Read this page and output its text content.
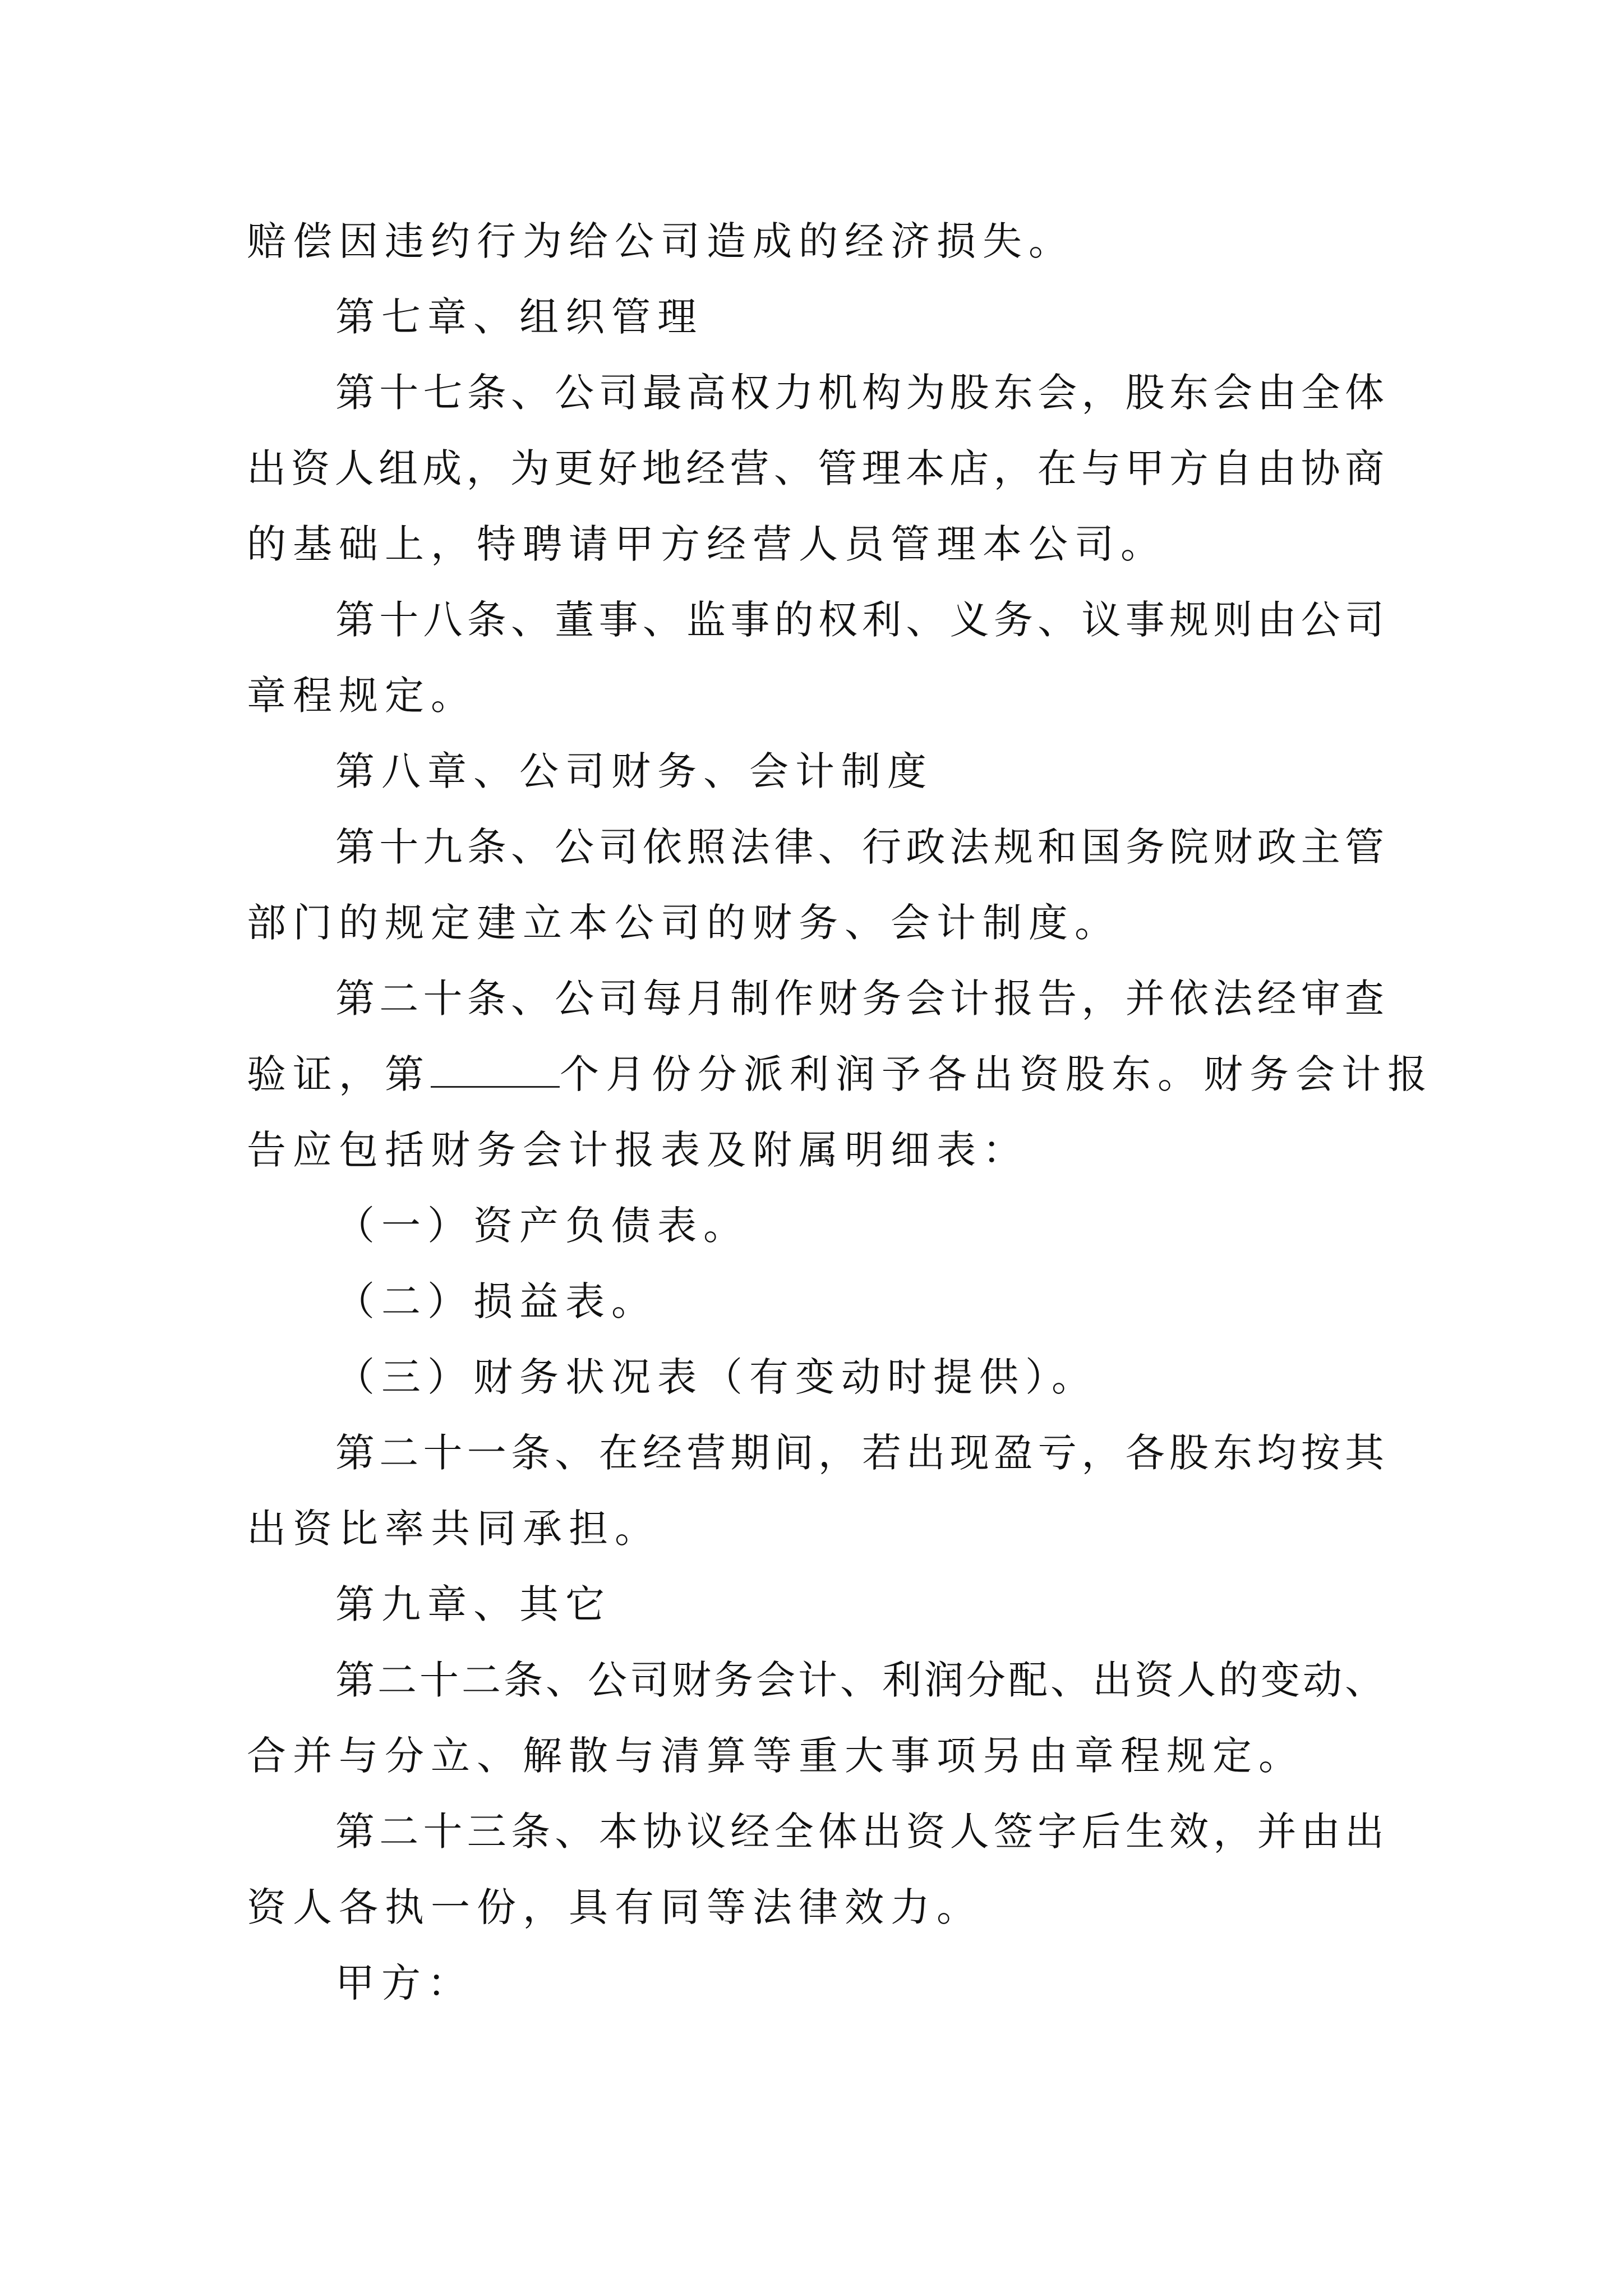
赔偿因违约行为给公司造成的经济损失。
第七章、组织管理
第十七条、公司最高权力机构为股东会，股东会由全体
出资人组成，为更好地经营、管理本店，在与甲方自由协商
的基础上，特聘请甲方经营人员管理本公司。
第十八条、董事、监事的权利、义务、议事规则由公司
章程规定。
第八章、公司财务、会计制度
第十九条、公司依照法律、行政法规和国务院财政主管
部门的规定建立本公司的财务、会计制度。
第二十条、公司每月制作财务会计报告，并依法经审查
验证，第	个月份分派利润予各出资股东。财务会计报
告应包括财务会计报表及附属明细表：
（一）资产负债表。
（二）损益表。
（三）财务状况表（有变动时提供）。
第二十一条、在经营期间，若出现盈亏，各股东均按其
出资比率共同承担。
第九章、其它
第二十二条、公司财务会计、利润分配、出资人的变动、
合并与分立、解散与清算等重大事项另由章程规定。
第二十三条、本协议经全体出资人签字后生效，并由出
资人各执一份，具有同等法律效力。
甲方：
